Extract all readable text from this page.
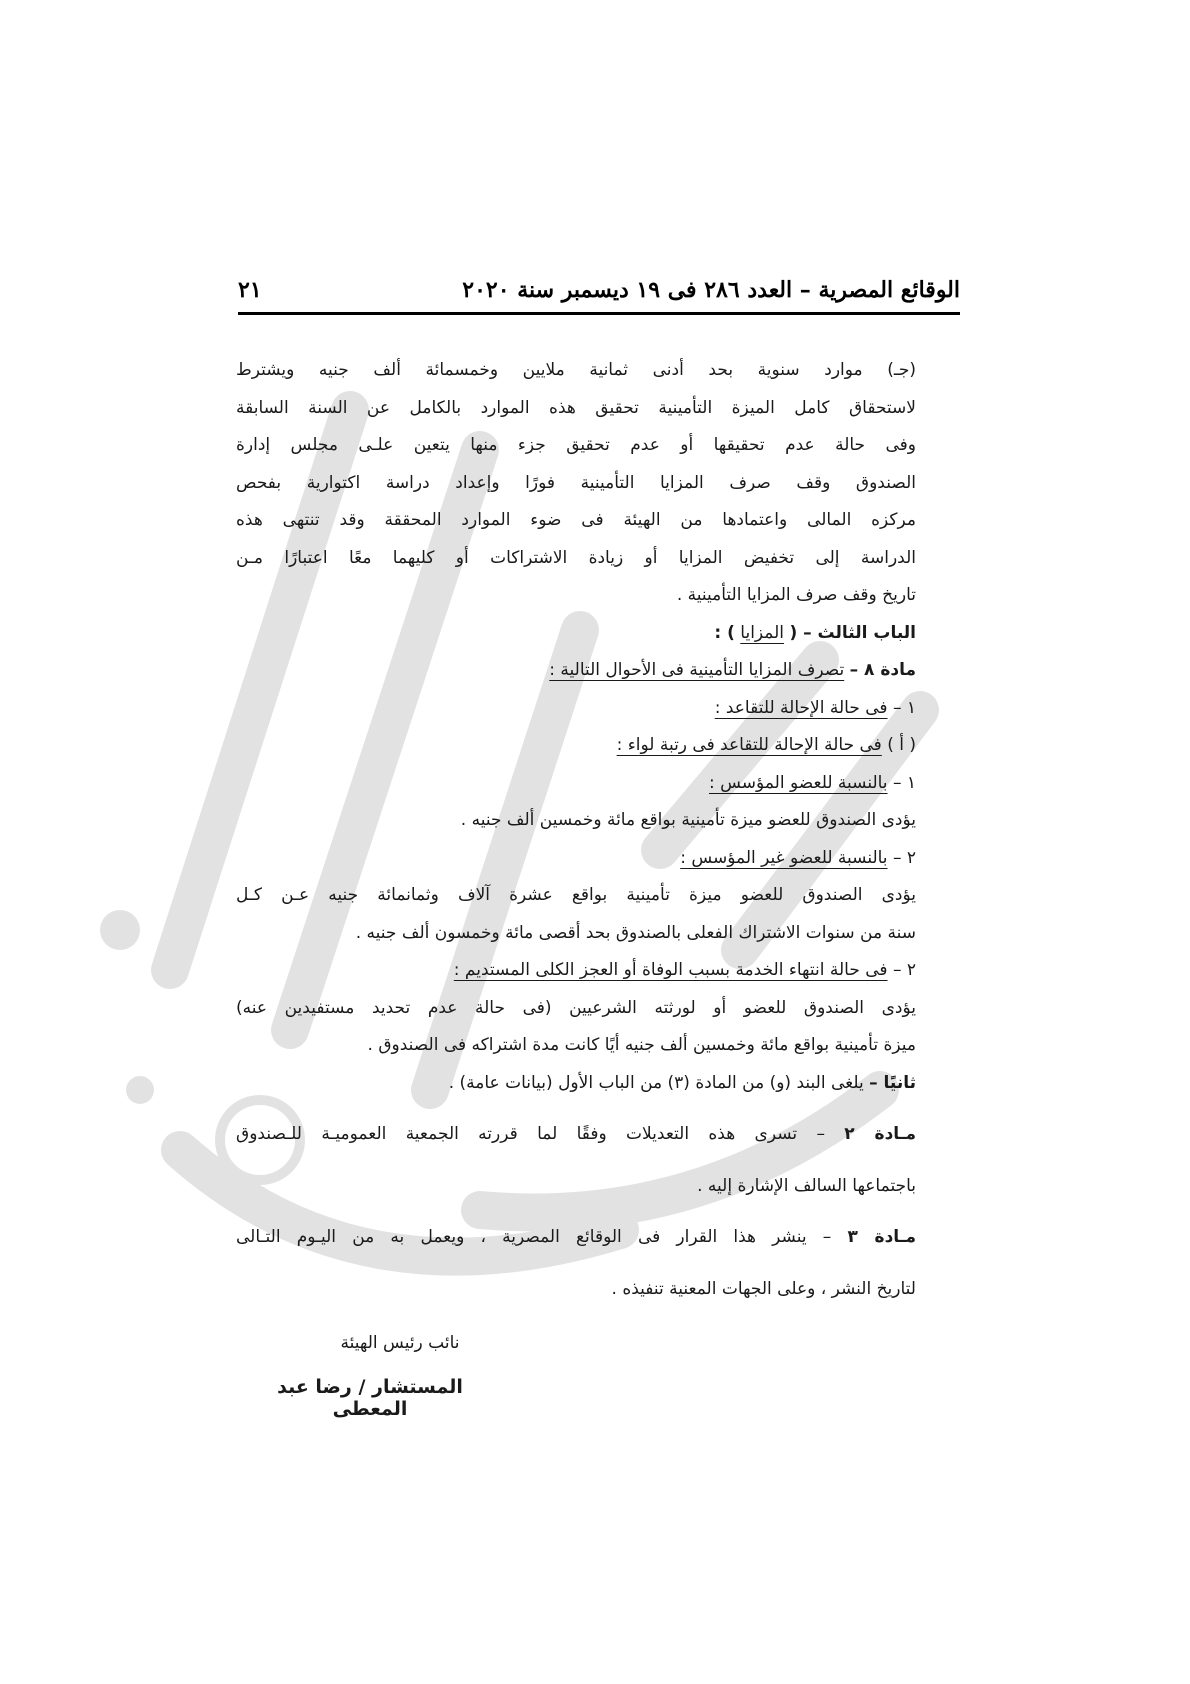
الوقائع المصرية – العدد ٢٨٦ فى ١٩ ديسمبر سنة ٢٠٢٠
٢١
(جـ) موارد سنوية بحد أدنى ثمانية ملايين وخمسمائة ألف جنيه ويشترط
لاستحقاق كامل الميزة التأمينية تحقيق هذه الموارد بالكامل عن السنة السابقة
وفى حالة عدم تحقيقها أو عدم تحقيق جزء منها يتعين علـى مجلس إدارة
الصندوق وقف صرف المزايا التأمينية فورًا وإعداد دراسة اكتوارية بفحص
مركزه المالى واعتمادها من الهيئة فى ضوء الموارد المحققة وقد تنتهى هذه
الدراسة إلى تخفيض المزايا أو زيادة الاشتراكات أو كليهما معًا اعتبارًا مـن
تاريخ وقف صرف المزايا التأمينية .
الباب الثالث – ( المزايا ) :
مادة ٨ – تصرف المزايا التأمينية فى الأحوال التالية :
١ – فى حالة الإحالة للتقاعد :
( أ ) فى حالة الإحالة للتقاعد فى رتبة لواء :
١ – بالنسبة للعضو المؤسس :
يؤدى الصندوق للعضو ميزة تأمينية بواقع مائة وخمسين ألف جنيه .
٢ – بالنسبة للعضو غير المؤسس :
يؤدى الصندوق للعضو ميزة تأمينية بواقع عشرة آلاف وثمانمائة جنيه عـن كـل
سنة من سنوات الاشتراك الفعلى بالصندوق بحد أقصى مائة وخمسون ألف جنيه .
٢ – فى حالة انتهاء الخدمة بسبب الوفاة أو العجز الكلى المستديم :
يؤدى الصندوق للعضو أو لورثته الشرعيين (فى حالة عدم تحديد مستفيدين عنه)
ميزة تأمينية بواقع مائة وخمسين ألف جنيه أيًا كانت مدة اشتراكه فى الصندوق .
ثانيًا – يلغى البند (و) من المادة (٣) من الباب الأول (بيانات عامة) .
مـادة ٢ – تسرى هذه التعديلات وفقًا لما قررته الجمعية العموميـة للـصندوق
باجتماعها السالف الإشارة إليه .
مـادة ٣ – ينشر هذا القرار فى الوقائع المصرية ، ويعمل به من اليـوم التـالى
لتاريخ النشر ، وعلى الجهات المعنية تنفيذه .
نائب رئيس الهيئة
المستشار / رضا عبد المعطى
